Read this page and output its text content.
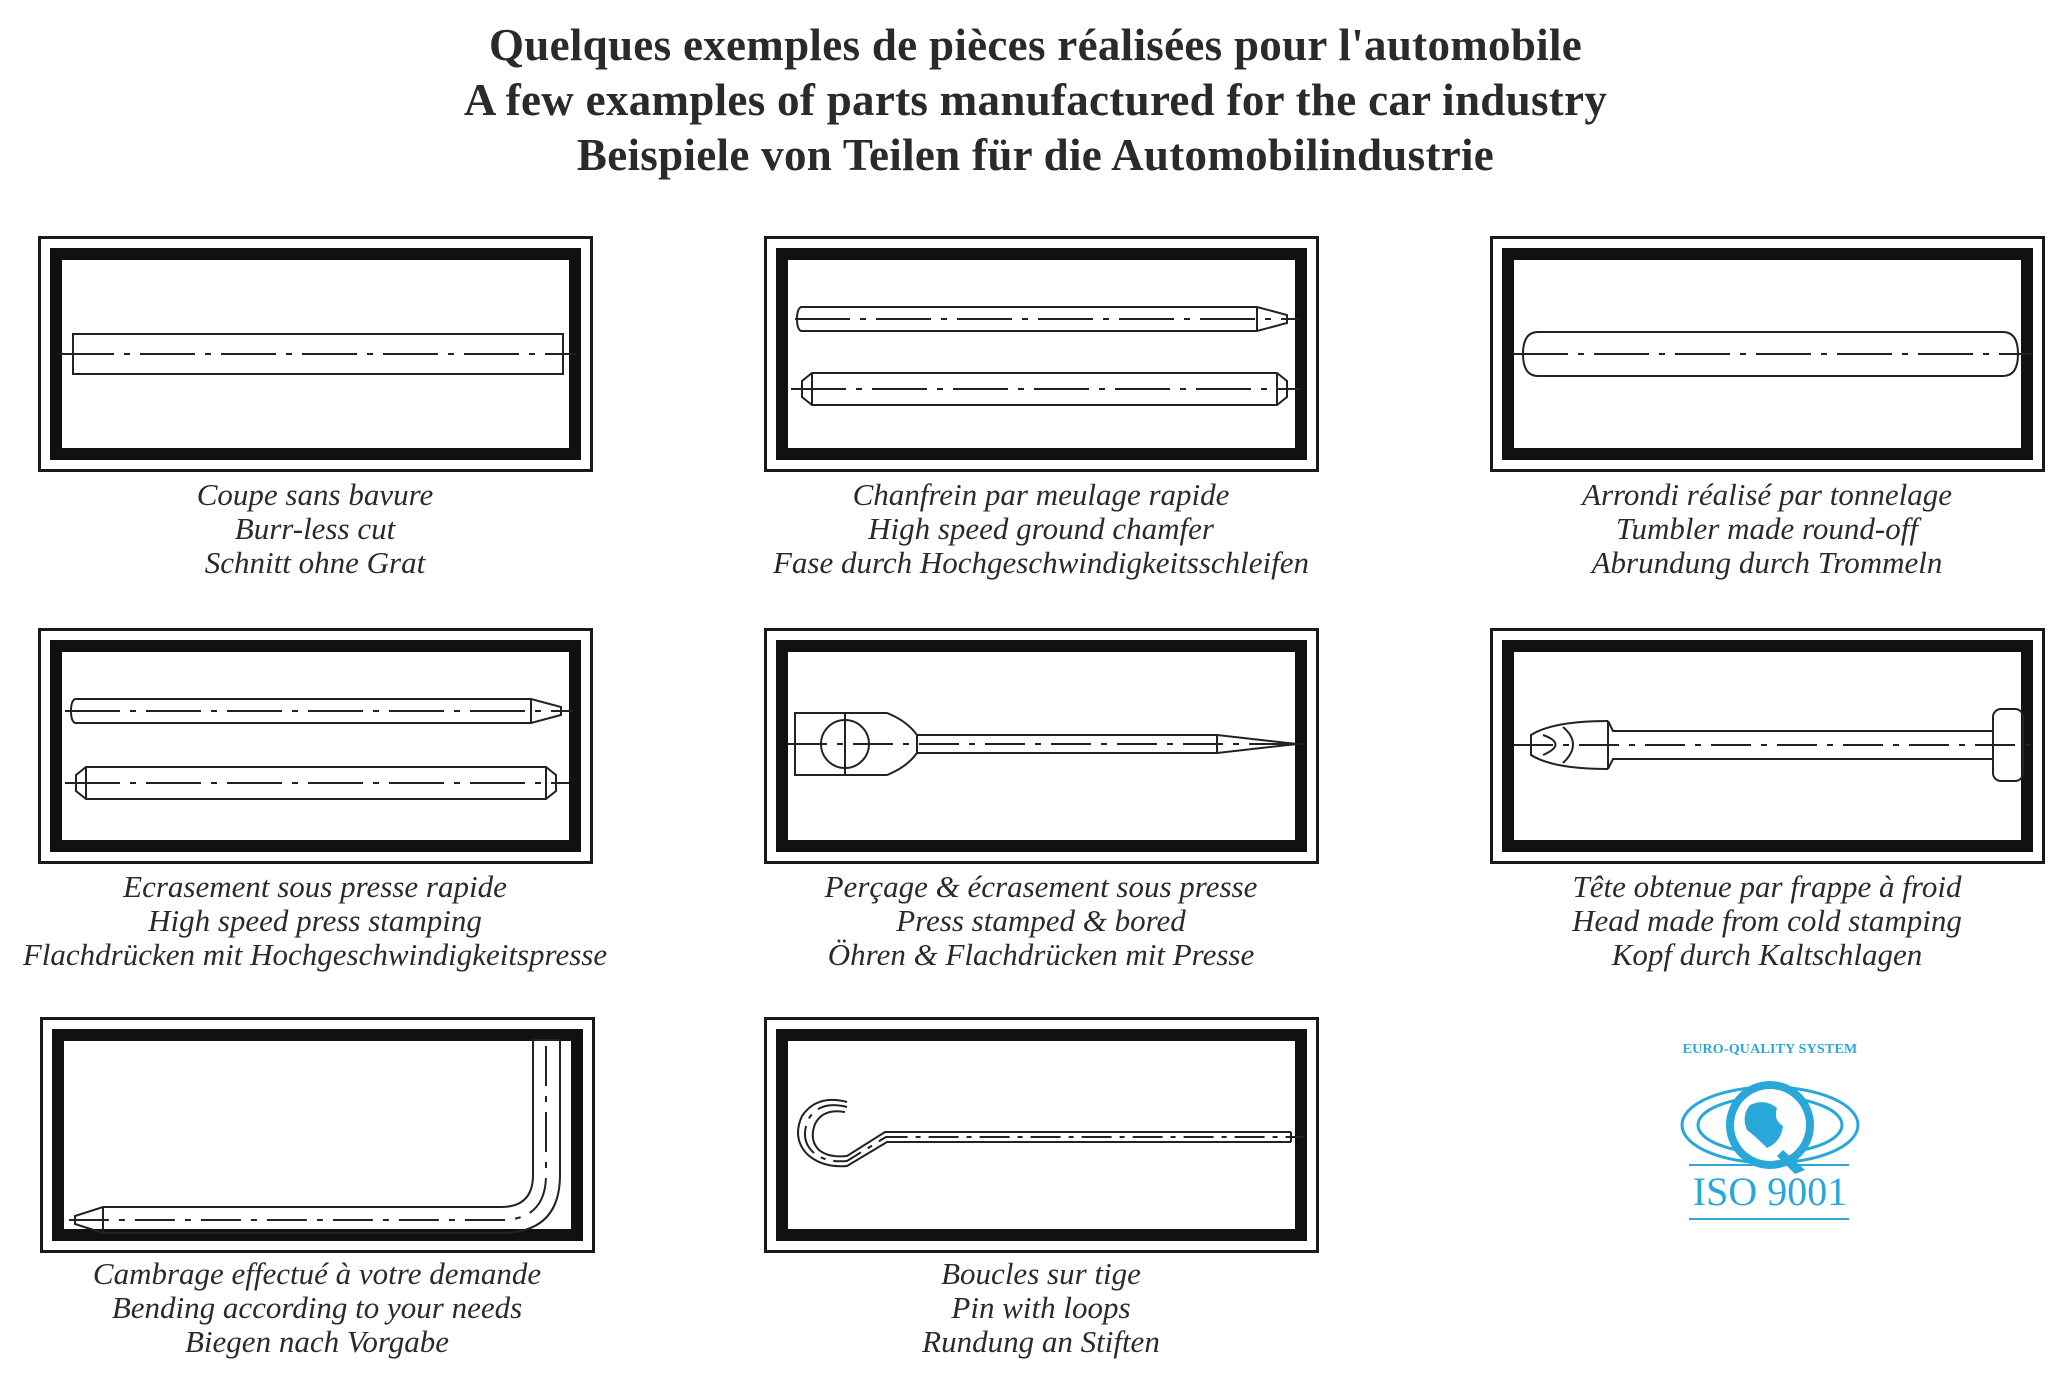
Quelques exemples de pièces réalisées pour l'automobile
A few examples of parts manufactured for the car industry
Beispiele von Teilen für die Automobilindustrie
Coupe sans bavure
Burr-less cut
Schnitt ohne Grat
Chanfrein par meulage rapide
High speed ground chamfer
Fase durch Hochgeschwindigkeitsschleifen
Arrondi réalisé par tonnelage
Tumbler made round-off
Abrundung durch Trommeln
Ecrasement sous presse rapide
High speed press stamping
Flachdrücken mit Hochgeschwindigkeitspresse
Perçage & écrasement sous presse
Press stamped & bored
Öhren & Flachdrücken mit Presse
Tête obtenue par frappe à froid
Head made from cold stamping
Kopf durch Kaltschlagen
Cambrage effectué à votre demande
Bending according to your needs
Biegen nach Vorgabe
Boucles sur tige
Pin with loops
Rundung an Stiften
EURO-QUALITY SYSTEM
ISO 9001
